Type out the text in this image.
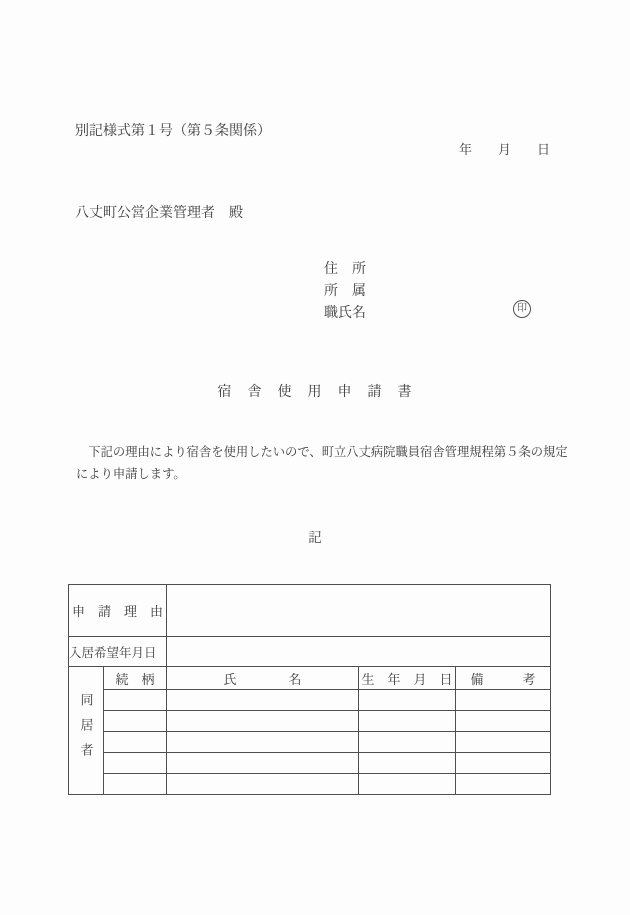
別記様式第１号（第５条関係）
年　　月　　日
八丈町公営企業管理者　殿
住　所
所　属
職氏名	印
宿　舎　使　用　申　請　書
　下記の理由により宿舎を使用したいので、町立八丈病院職員宿舎管理規程第５条の規定
により申請します。
記
申　請　理　由				
入居希望年月日				

同居者	続　柄	氏　　　　名	生　年　月　日	備　　　考
